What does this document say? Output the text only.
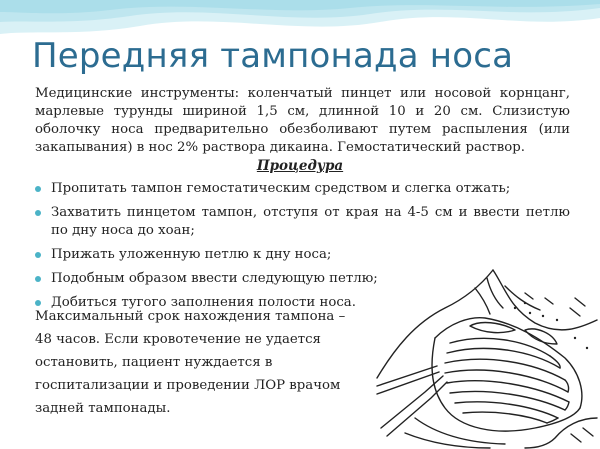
Передняя тампонада носа
Медицинские инструменты: коленчатый пинцет или носовой корнцанг, марлевые турунды шириной 1,5 см, длинной 10 и 20 см. Слизистую оболочку носа предварительно обезболивают путем распыления (или закапывания) в нос 2% раствора дикаина. Гемостатический раствор.
Процедура
Пропитать тампон гемостатическим средством и слегка отжать;
Захватить пинцетом тампон, отступя от края на 4-5 см и ввести петлю по дну носа до хоан;
Прижать уложенную петлю к дну носа;
Подобным образом ввести следующую петлю;
Добиться тугого заполнения полости носа.
Максимальный срок нахождения тампона –
48 часов. Если кровотечение не удается
остановить, пациент нуждается в
госпитализации и проведении ЛОР врачом
задней тампонады.
